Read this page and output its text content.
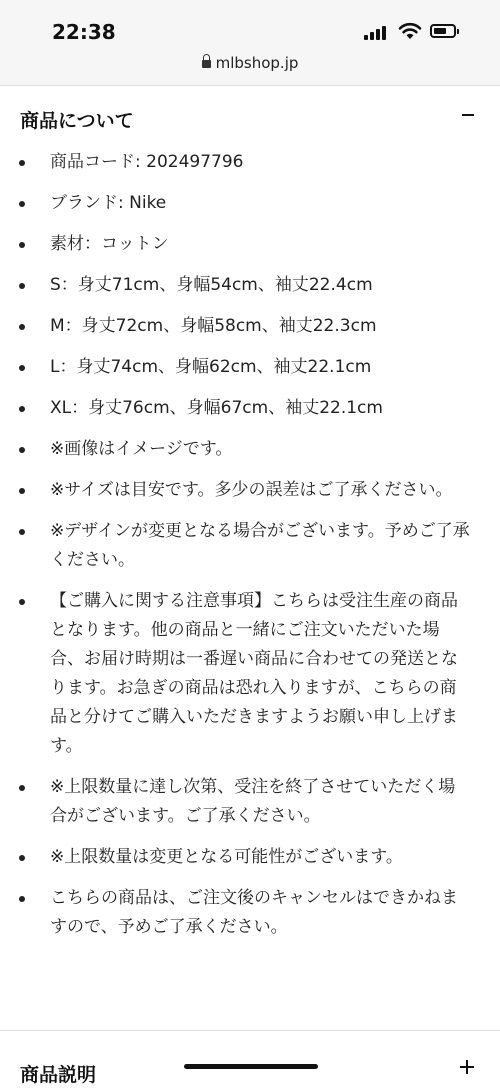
22:38
mlbshop.jp
商品について
商品コード: 202497796
ブランド: Nike
素材：コットン
S：身丈71cm、身幅54cm、袖丈22.4cm
M：身丈72cm、身幅58cm、袖丈22.3cm
L：身丈74cm、身幅62cm、袖丈22.1cm
XL：身丈76cm、身幅67cm、袖丈22.1cm
※画像はイメージです。
※サイズは目安です。多少の誤差はご了承ください。
※デザインが変更となる場合がございます。予めご了承ください。
【ご購入に関する注意事項】こちらは受注生産の商品となります。他の商品と一緒にご注文いただいた場合、お届け時期は一番遅い商品に合わせての発送となります。お急ぎの商品は恐れ入りますが、こちらの商品と分けてご購入いただきますようお願い申し上げます。
※上限数量に達し次第、受注を終了させていただく場合がございます。ご了承ください。
※上限数量は変更となる可能性がございます。
こちらの商品は、ご注文後のキャンセルはできかねますので、予めご了承ください。
商品説明
